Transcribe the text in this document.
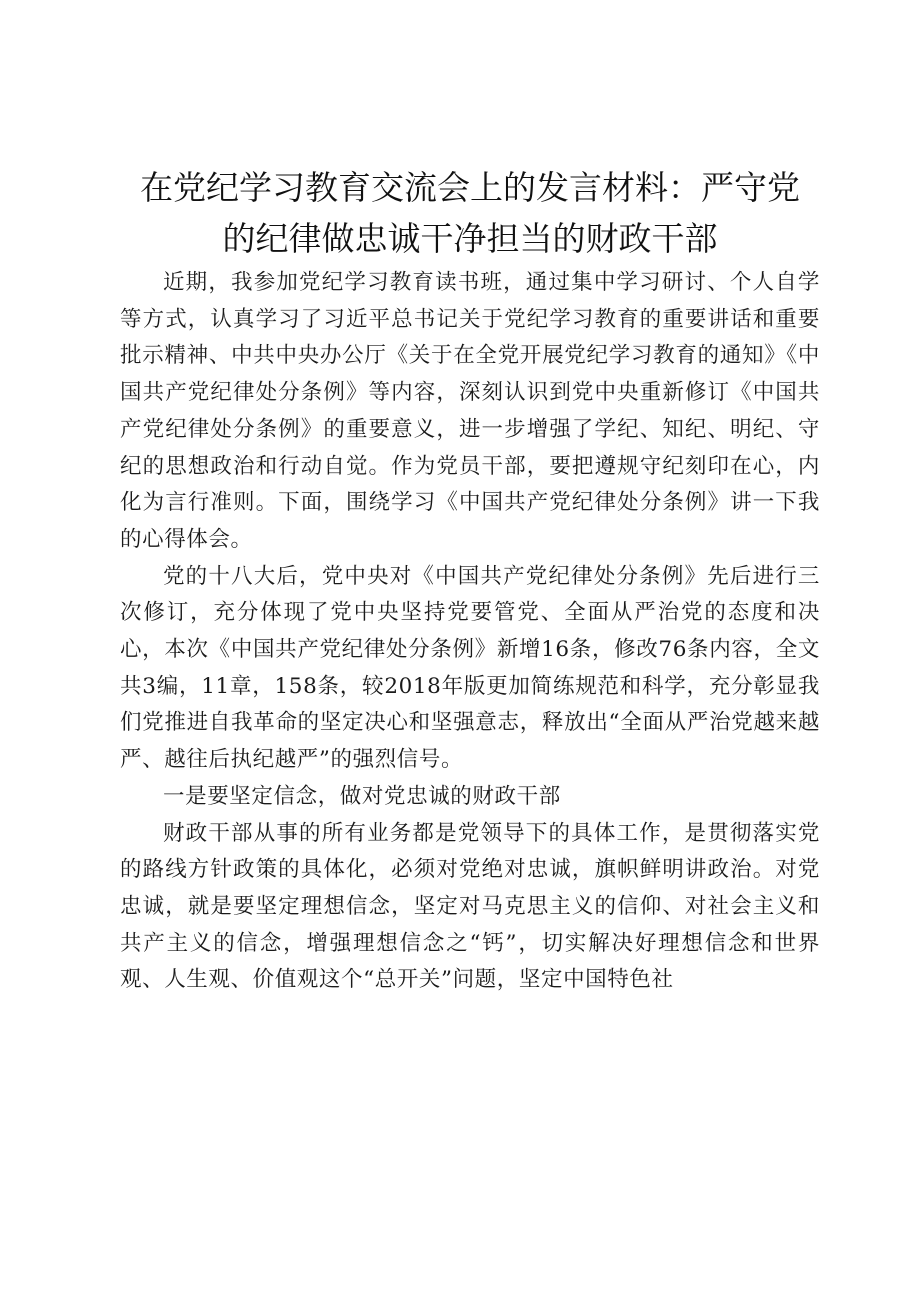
在党纪学习教育交流会上的发言材料：严守党
的纪律做忠诚干净担当的财政干部

近期，我参加党纪学习教育读书班，通过集中学习研讨、个人自学等方式，认真学习了习近平总书记关于党纪学习教育的重要讲话和重要批示精神、中共中央办公厅《关于在全党开展党纪学习教育的通知》《中国共产党纪律处分条例》等内容，深刻认识到党中央重新修订《中国共产党纪律处分条例》的重要意义，进一步增强了学纪、知纪、明纪、守纪的思想政治和行动自觉。作为党员干部，要把遵规守纪刻印在心，内化为言行准则。下面，围绕学习《中国共产党纪律处分条例》讲一下我的心得体会。

党的十八大后，党中央对《中国共产党纪律处分条例》先后进行三次修订，充分体现了党中央坚持党要管党、全面从严治党的态度和决心，本次《中国共产党纪律处分条例》新增16条，修改76条内容，全文共3编，11章，158条，较2018年版更加简练规范和科学，充分彰显我们党推进自我革命的坚定决心和坚强意志，释放出“全面从严治党越来越严、越往后执纪越严”的强烈信号。

一是要坚定信念，做对党忠诚的财政干部

财政干部从事的所有业务都是党领导下的具体工作，是贯彻落实党的路线方针政策的具体化，必须对党绝对忠诚，旗帜鲜明讲政治。对党忠诚，就是要坚定理想信念，坚定对马克思主义的信仰、对社会主义和共产主义的信念，增强理想信念之“钙”，切实解决好理想信念和世界观、人生观、价值观这个“总开关”问题，坚定中国特色社
